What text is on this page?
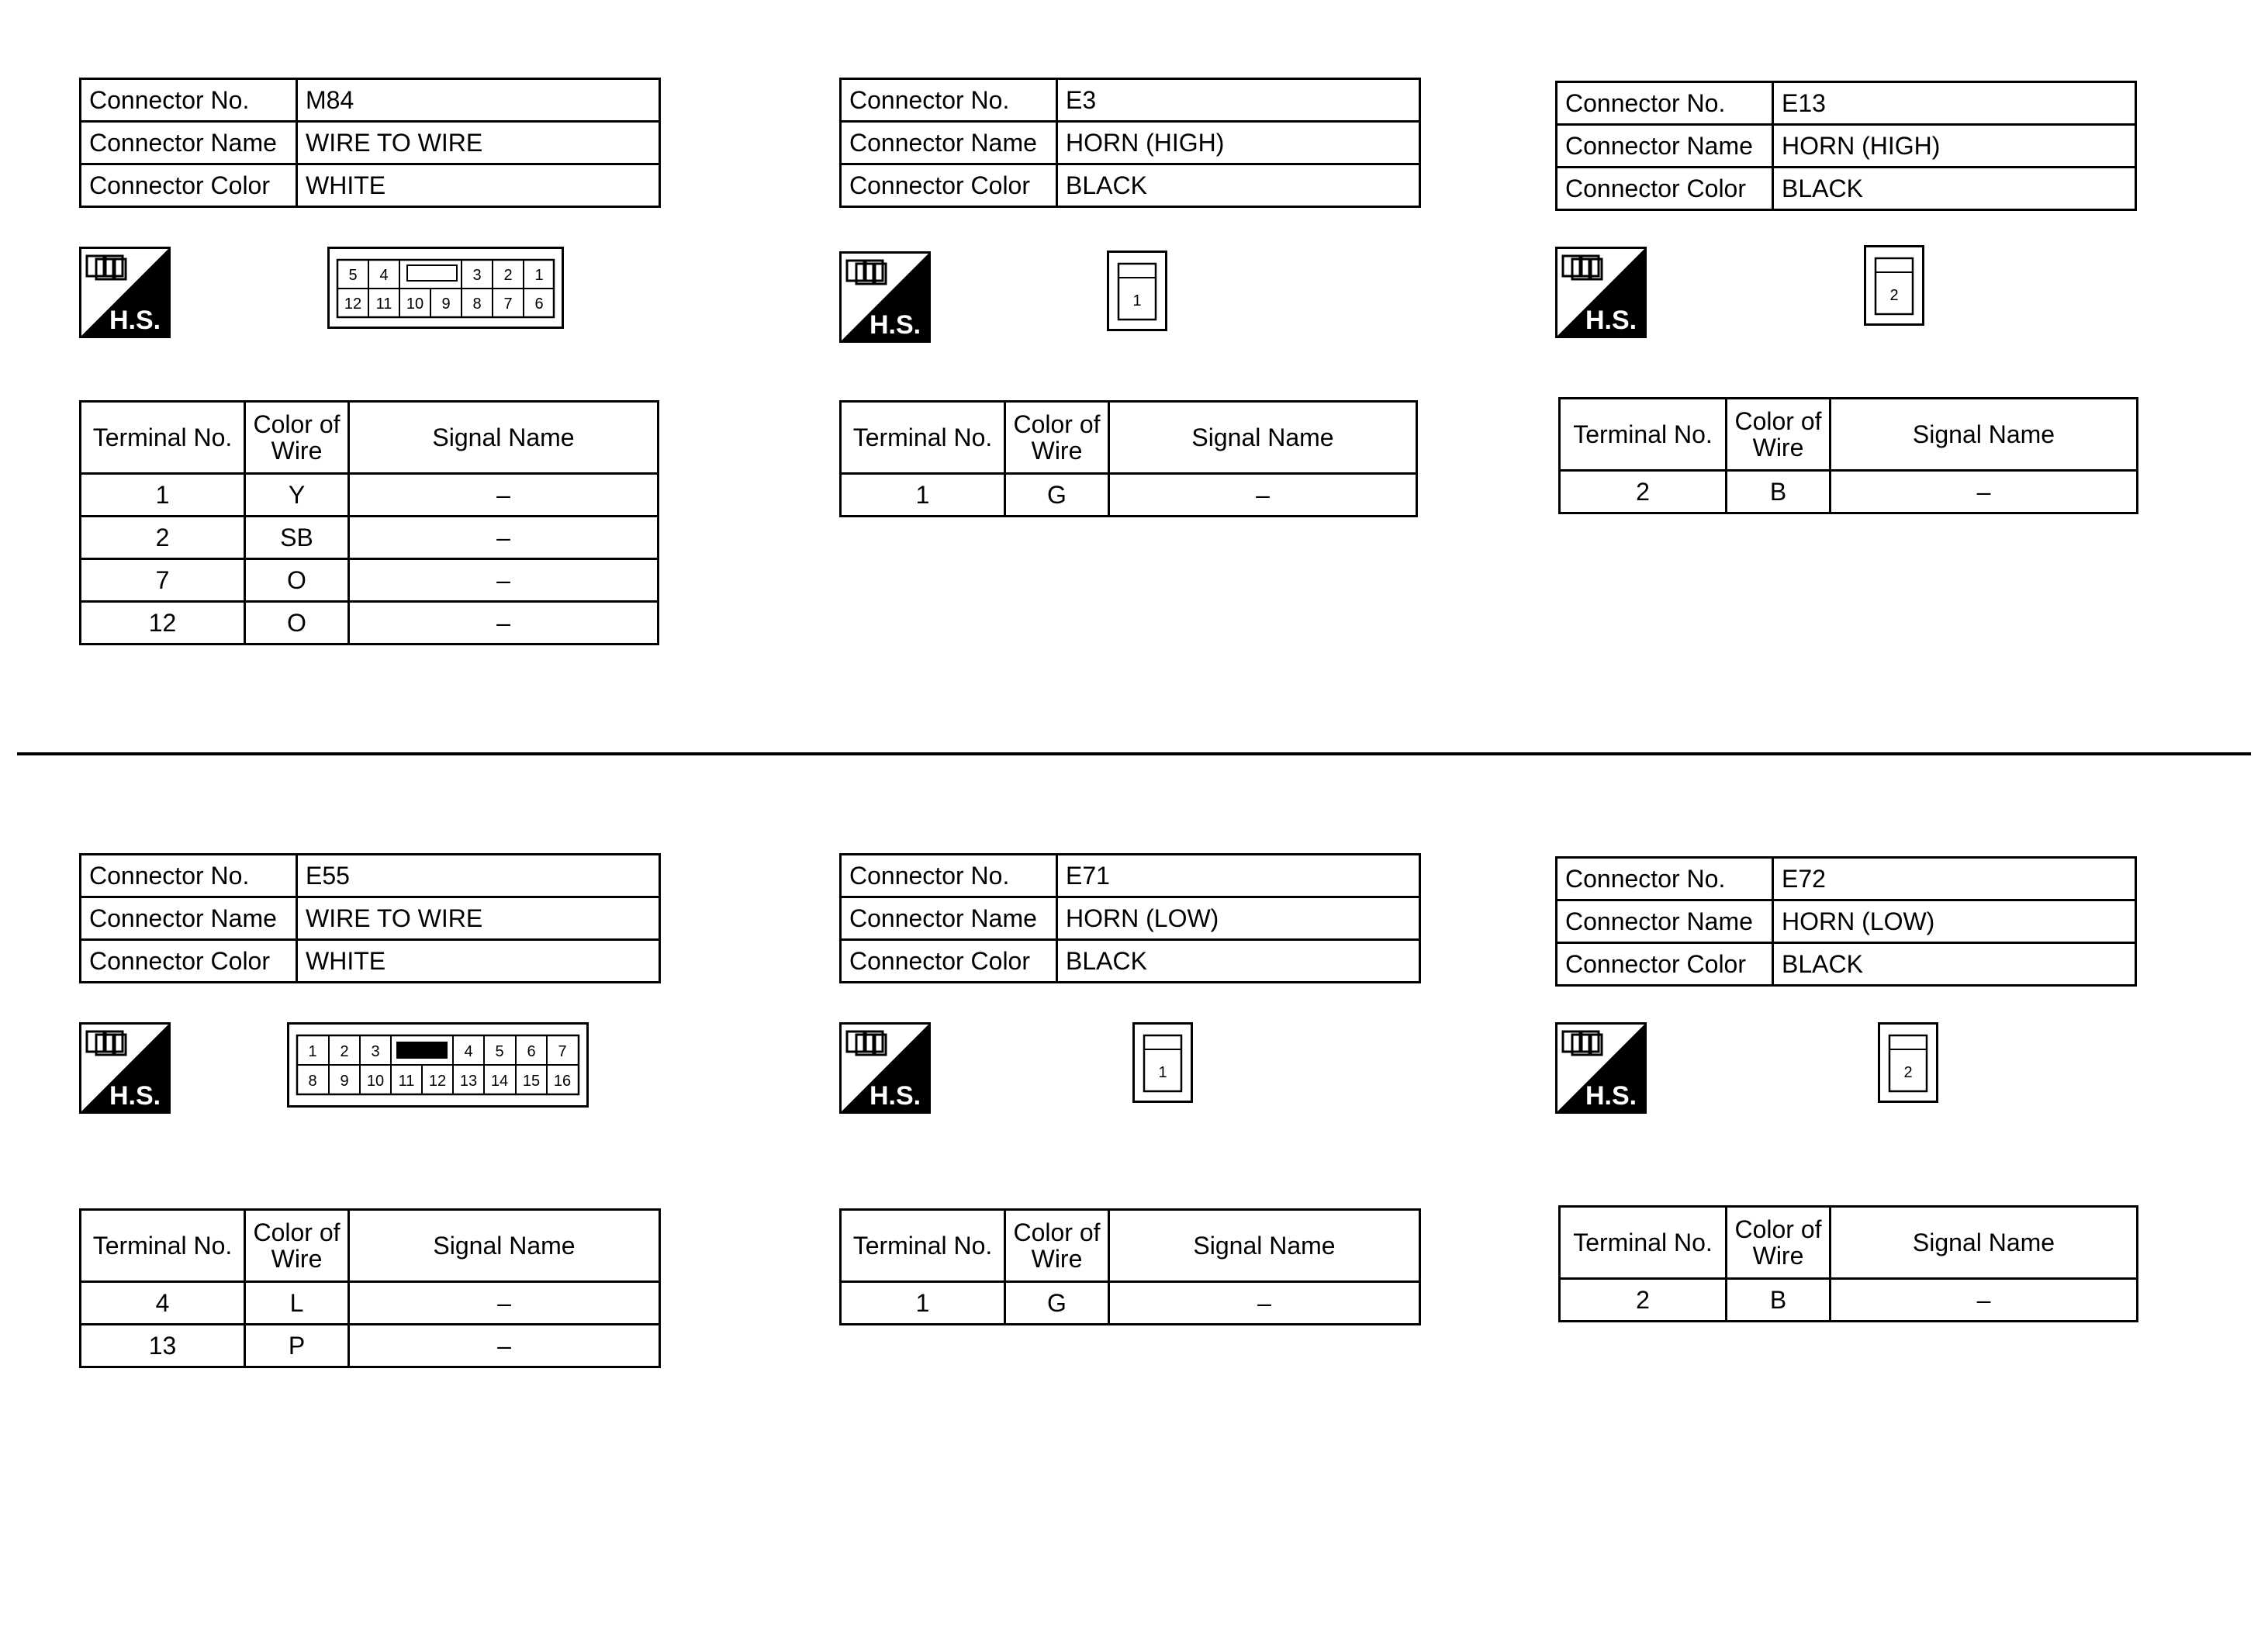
Connector No.	M84
Connector Name	WIRE TO WIRE
Connector Color	WHITE
H.S.
5 4	3 2 1
12 11 10 9 8 7 6
Terminal No.	Color of Wire	Signal Name
1	Y	–
2	SB	–
7	O	–
12	O	–
Connector No.	E3
Connector Name	HORN (HIGH)
Connector Color	BLACK
H.S.
1
Terminal No.	Color of Wire	Signal Name
1	G	–
Connector No.	E13
Connector Name	HORN (HIGH)
Connector Color	BLACK
H.S.
2
Terminal No.	Color of Wire	Signal Name
2	B	–
Connector No.	E55
Connector Name	WIRE TO WIRE
Connector Color	WHITE
H.S.
1 2 3	4 5 6 7
8 9 10 11 12 13 14 15 16
Terminal No.	Color of Wire	Signal Name
4	L	–
13	P	–
Connector No.	E71
Connector Name	HORN (LOW)
Connector Color	BLACK
H.S.
1
Terminal No.	Color of Wire	Signal Name
1	G	–
Connector No.	E72
Connector Name	HORN (LOW)
Connector Color	BLACK
H.S.
2
Terminal No.	Color of Wire	Signal Name
2	B	–
